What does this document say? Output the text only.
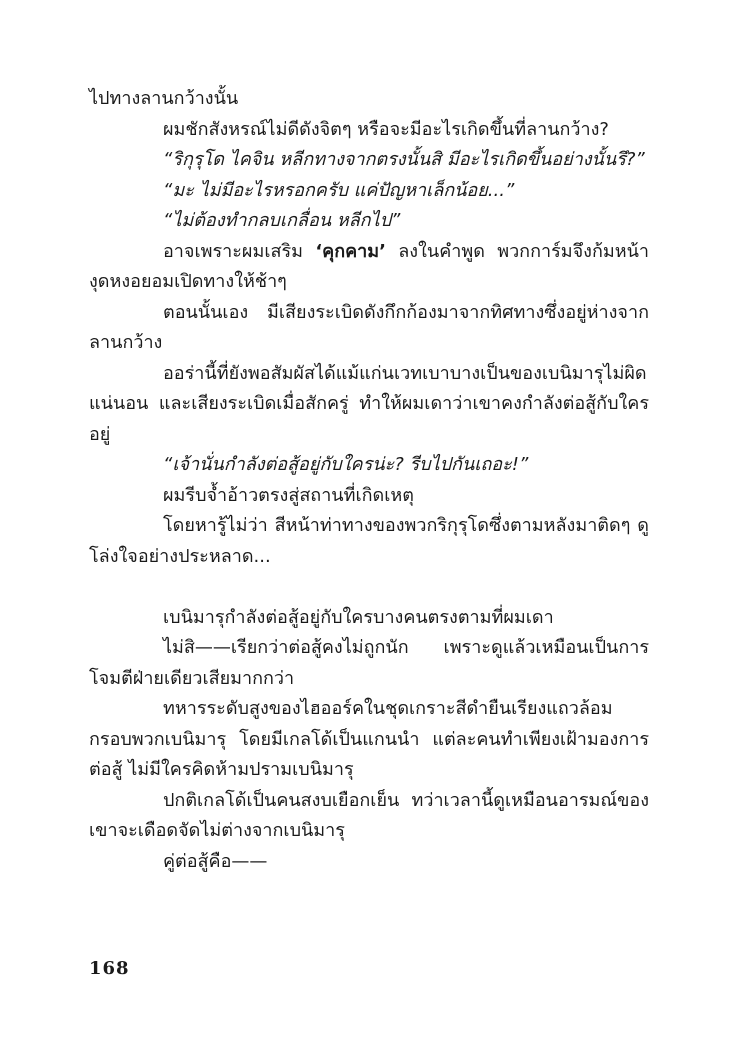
ไปทางลานกว้างนั้น

ผมชักสังหรณ์ไม่ดีดังจิตๆ หรือจะมีอะไรเกิดขึ้นที่ลานกว้าง?

“ริกุรุโด ไคจิน หลีกทางจากตรงนั้นสิ มีอะไรเกิดขึ้นอย่างนั้นรึ?”

“มะ ไม่มีอะไรหรอกครับ แค่ปัญหาเล็กน้อย...”

“ไม่ต้องทำกลบเกลื่อน หลีกไป”

อาจเพราะผมเสริม ‘คุกคาม’ ลงในคำพูด พวกการ์มจึงก้มหน้างุดหงอยอมเปิดทางให้ช้าๆ

ตอนนั้นเอง มีเสียงระเบิดดังกึกก้องมาจากทิศทางซึ่งอยู่ห่างจากลานกว้าง

ออร่านี้ที่ยังพอสัมผัสได้แม้แก่นเวทเบาบางเป็นของเบนิมารุไม่ผิดแน่นอน และเสียงระเบิดเมื่อสักครู่ ทำให้ผมเดาว่าเขาคงกำลังต่อสู้กับใครอยู่

“เจ้านั่นกำลังต่อสู้อยู่กับใครน่ะ? รีบไปกันเถอะ!”

ผมรีบจ้ำอ้าวตรงสู่สถานที่เกิดเหตุ

โดยหารู้ไม่ว่า สีหน้าท่าทางของพวกริกุรุโดซึ่งตามหลังมาติดๆ ดูโล่งใจอย่างประหลาด...

เบนิมารุกำลังต่อสู้อยู่กับใครบางคนตรงตามที่ผมเดา

ไม่สิ——เรียกว่าต่อสู้คงไม่ถูกนัก เพราะดูแล้วเหมือนเป็นการโจมตีฝ่ายเดียวเสียมากกว่า

ทหารระดับสูงของไฮออร์คในชุดเกราะสีดำยืนเรียงแถวล้อมกรอบพวกเบนิมารุ โดยมีเกลโด้เป็นแกนนำ แต่ละคนทำเพียงเฝ้ามองการต่อสู้ ไม่มีใครคิดห้ามปรามเบนิมารุ

ปกติเกลโด้เป็นคนสงบเยือกเย็น ทว่าเวลานี้ดูเหมือนอารมณ์ของเขาจะเดือดจัดไม่ต่างจากเบนิมารุ

คู่ต่อสู้คือ——

168
